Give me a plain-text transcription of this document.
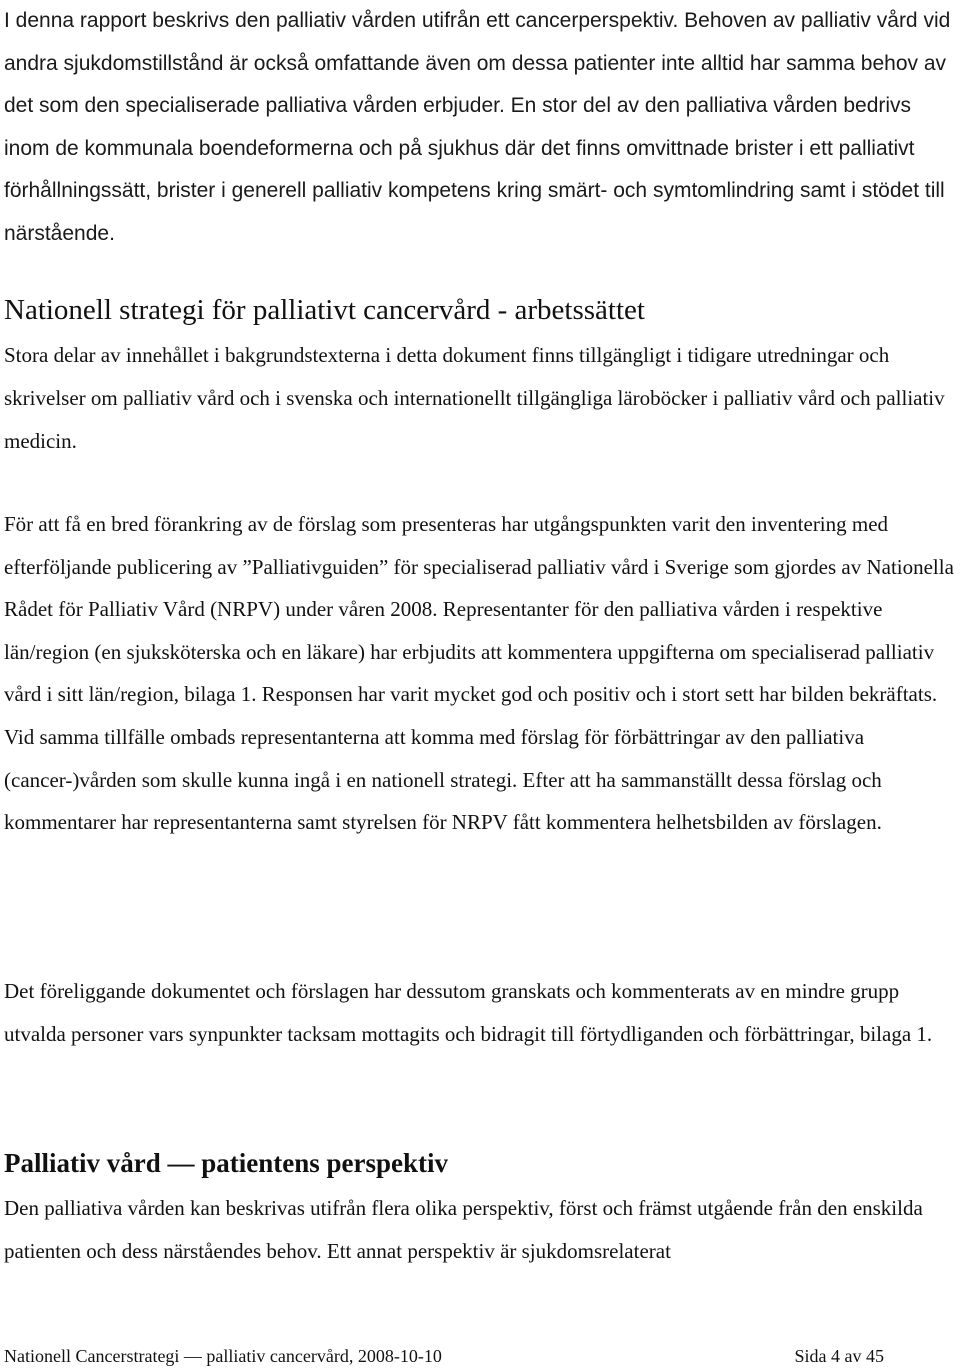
I denna rapport beskrivs den palliativ vården utifrån ett cancerperspektiv. Behoven av palliativ vård vid andra sjukdomstillstånd är också omfattande även om dessa patienter inte alltid har samma behov av det som den specialiserade palliativa vården erbjuder. En stor del av den palliativa vården bedrivs inom de kommunala boendeformerna och på sjukhus där det finns omvittnade brister i ett palliativt förhållningssätt, brister i generell palliativ kompetens kring smärt- och symtomlindring samt i stödet till närstående.

Nationell strategi för palliativt cancervård - arbetssättet

Stora delar av innehållet i bakgrundstexterna i detta dokument finns tillgängligt i tidigare utredningar och skrivelser om palliativ vård och i svenska och internationellt tillgängliga läroböcker i palliativ vård och palliativ medicin.

För att få en bred förankring av de förslag som presenteras har utgångspunkten varit den inventering med efterföljande publicering av ”Palliativguiden” för specialiserad palliativ vård i Sverige som gjordes av Nationella Rådet för Palliativ Vård (NRPV) under våren 2008. Representanter för den palliativa vården i respektive län/region (en sjuksköterska och en läkare) har erbjudits att kommentera uppgifterna om specialiserad palliativ vård i sitt län/region, bilaga 1. Responsen har varit mycket god och positiv och i stort sett har bilden bekräftats. Vid samma tillfälle ombads representanterna att komma med förslag för förbättringar av den palliativa (cancer-)vården som skulle kunna ingå i en nationell strategi. Efter att ha sammanställt dessa förslag och kommentarer har representanterna samt styrelsen för NRPV fått kommentera helhetsbilden av förslagen.

Det föreliggande dokumentet och förslagen har dessutom granskats och kommenterats av en mindre grupp utvalda personer vars synpunkter tacksam mottagits och bidragit till förtydliganden och förbättringar, bilaga 1.

Palliativ vård — patientens perspektiv

Den palliativa vården kan beskrivas utifrån flera olika perspektiv, först och främst utgående från den enskilda patienten och dess närståendes behov. Ett annat perspektiv är sjukdomsrelaterat

Nationell Cancerstrategi — palliativ cancervård, 2008-10-10	Sida 4 av 45
